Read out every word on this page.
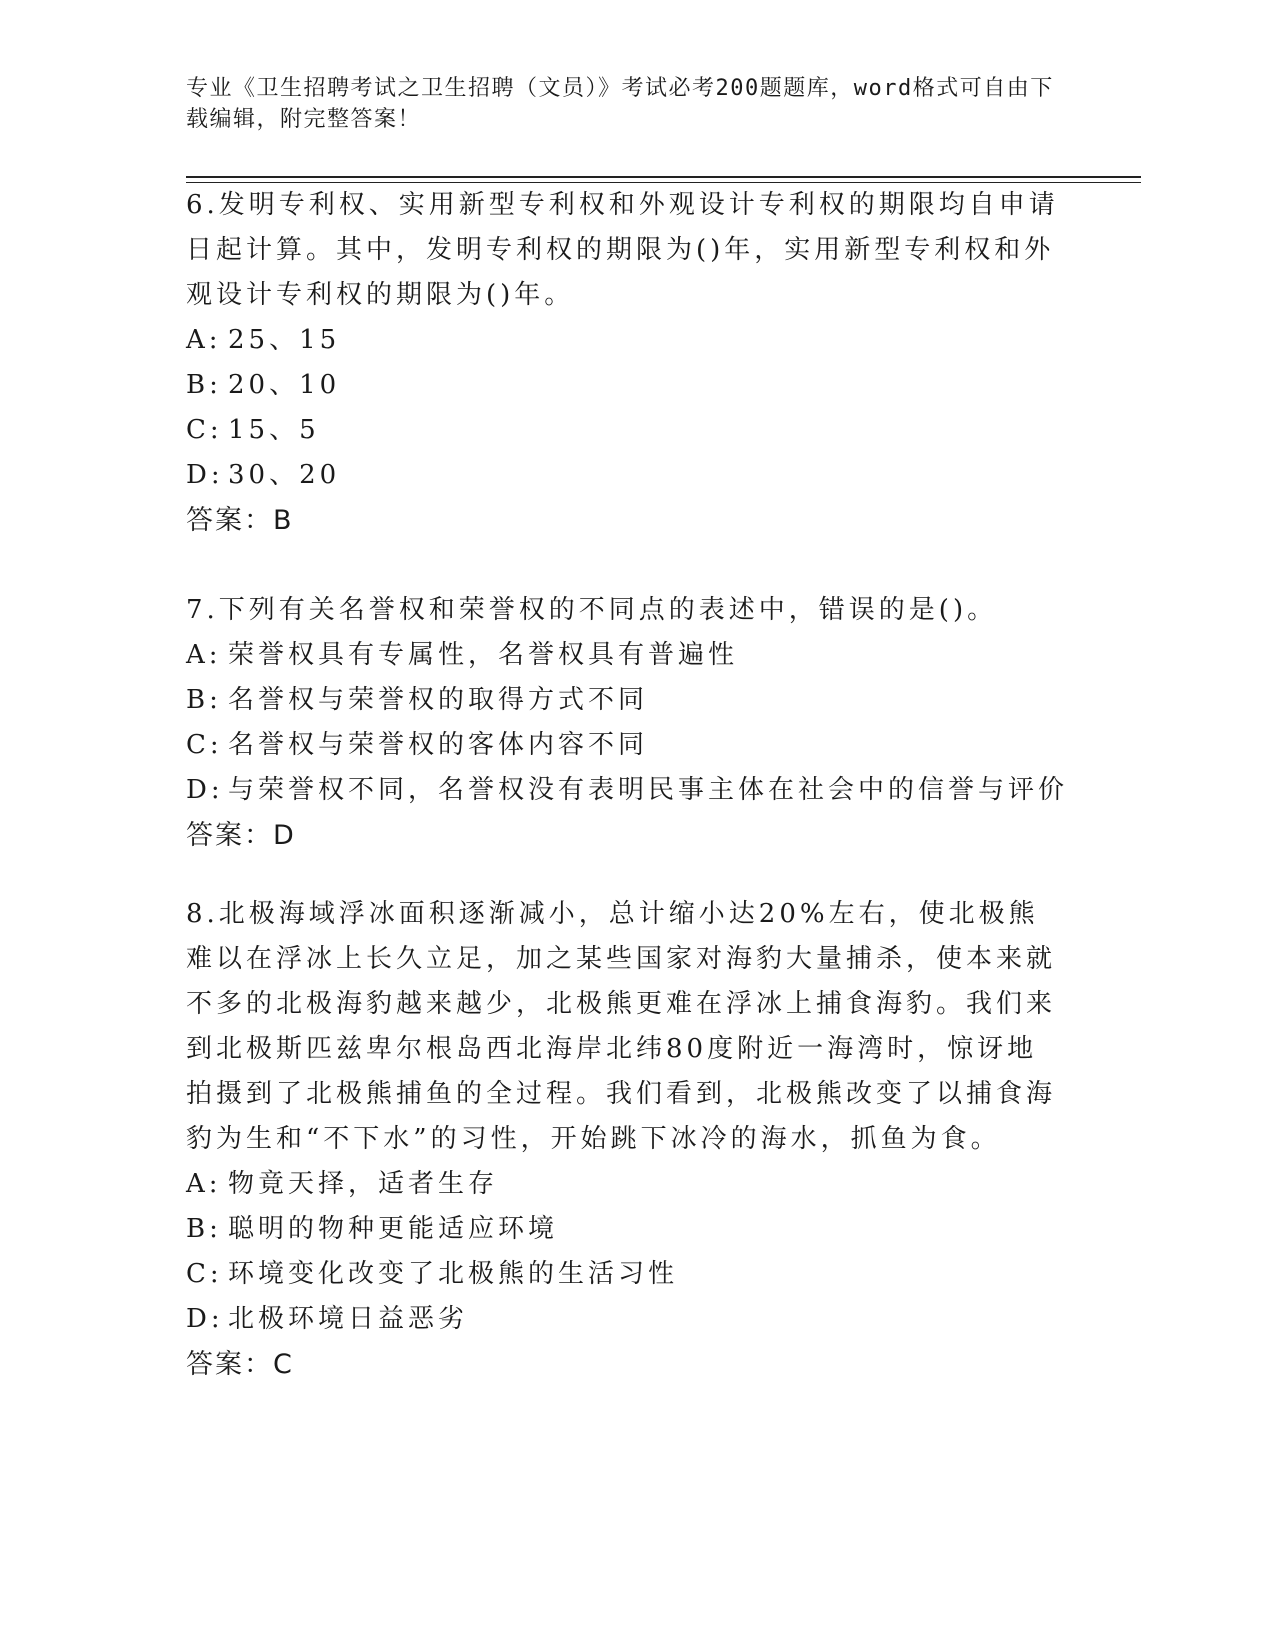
专业《卫生招聘考试之卫生招聘（文员）》考试必考200题题库，word格式可自由下载编辑，附完整答案！

6.发明专利权、实用新型专利权和外观设计专利权的期限均自申请日起计算。其中，发明专利权的期限为()年，实用新型专利权和外观设计专利权的期限为()年。

A: 25、15
B: 20、10
C: 15、5
D: 30、20
答案：B

7.下列有关名誉权和荣誉权的不同点的表述中，错误的是()。

A: 荣誉权具有专属性，名誉权具有普遍性
B: 名誉权与荣誉权的取得方式不同
C: 名誉权与荣誉权的客体内容不同
D: 与荣誉权不同，名誉权没有表明民事主体在社会中的信誉与评价
答案：D

8.北极海域浮冰面积逐渐减小，总计缩小达20%左右，使北极熊难以在浮冰上长久立足，加之某些国家对海豹大量捕杀，使本来就不多的北极海豹越来越少，北极熊更难在浮冰上捕食海豹。我们来到北极斯匹兹卑尔根岛西北海岸北纬80度附近一海湾时，惊讶地拍摄到了北极熊捕鱼的全过程。我们看到，北极熊改变了以捕食海豹为生和“不下水”的习性，开始跳下冰冷的海水，抓鱼为食。

A: 物竟天择，适者生存
B: 聪明的物种更能适应环境
C: 环境变化改变了北极熊的生活习性
D: 北极环境日益恶劣
答案：C
